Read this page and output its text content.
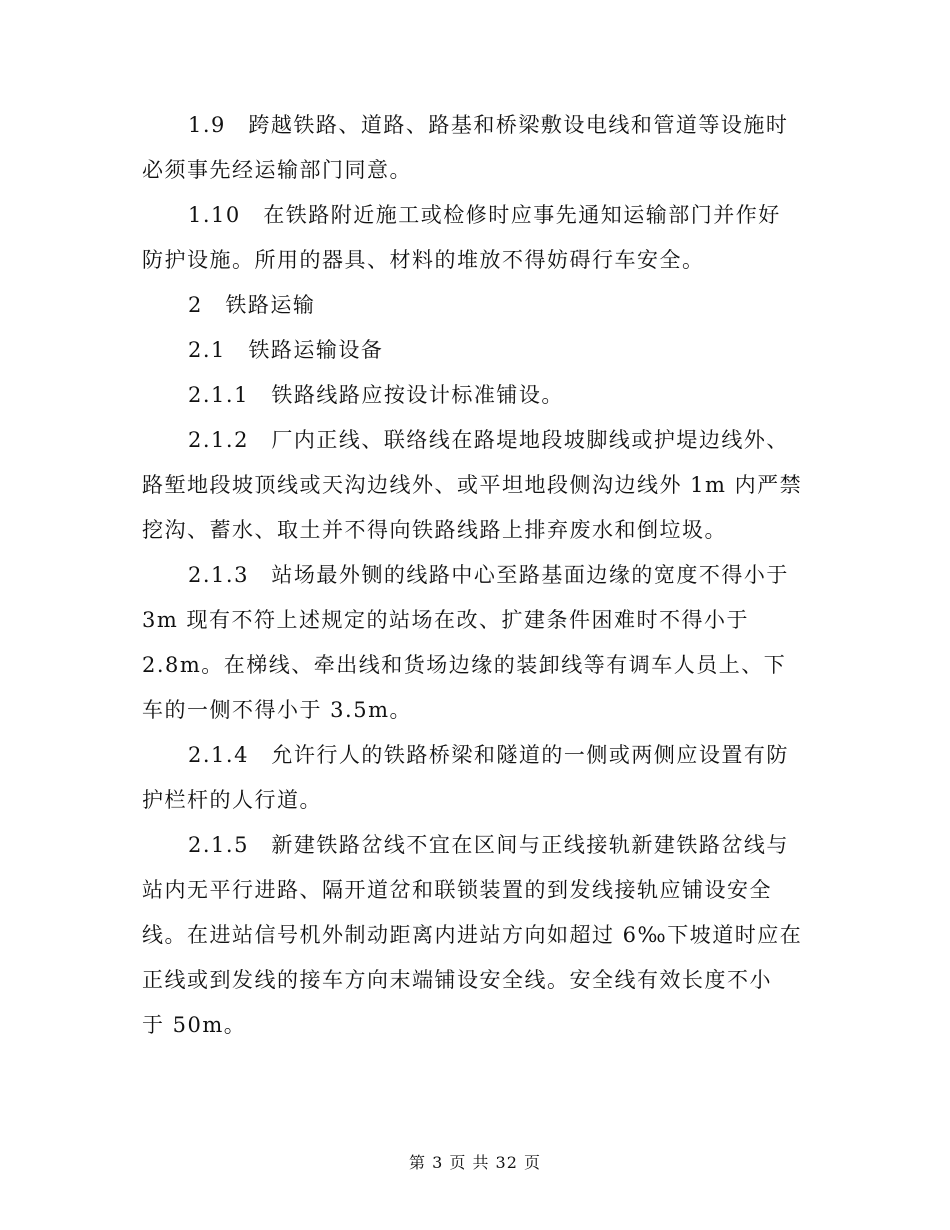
1.9　跨越铁路、道路、路基和桥梁敷设电线和管道等设施时
必须事先经运输部门同意。
1.10　在铁路附近施工或检修时应事先通知运输部门并作好
防护设施。所用的器具、材料的堆放不得妨碍行车安全。
2　铁路运输
2.1　铁路运输设备
2.1.1　铁路线路应按设计标准铺设。
2.1.2　厂内正线、联络线在路堤地段坡脚线或护堤边线外、
路堑地段坡顶线或天沟边线外、或平坦地段侧沟边线外 1m 内严禁
挖沟、蓄水、取土并不得向铁路线路上排弃废水和倒垃圾。
2.1.3　站场最外铡的线路中心至路基面边缘的宽度不得小于
3m 现有不符上述规定的站场在改、扩建条件困难时不得小于
2.8m。在梯线、牵出线和货场边缘的装卸线等有调车人员上、下
车的一侧不得小于 3.5m。
2.1.4　允许行人的铁路桥梁和隧道的一侧或两侧应设置有防
护栏杆的人行道。
2.1.5　新建铁路岔线不宜在区间与正线接轨新建铁路岔线与
站内无平行进路、隔开道岔和联锁装置的到发线接轨应铺设安全
线。在进站信号机外制动距离内进站方向如超过 6‰下坡道时应在
正线或到发线的接车方向末端铺设安全线。安全线有效长度不小
于 50m。
第 3 页 共 32 页
